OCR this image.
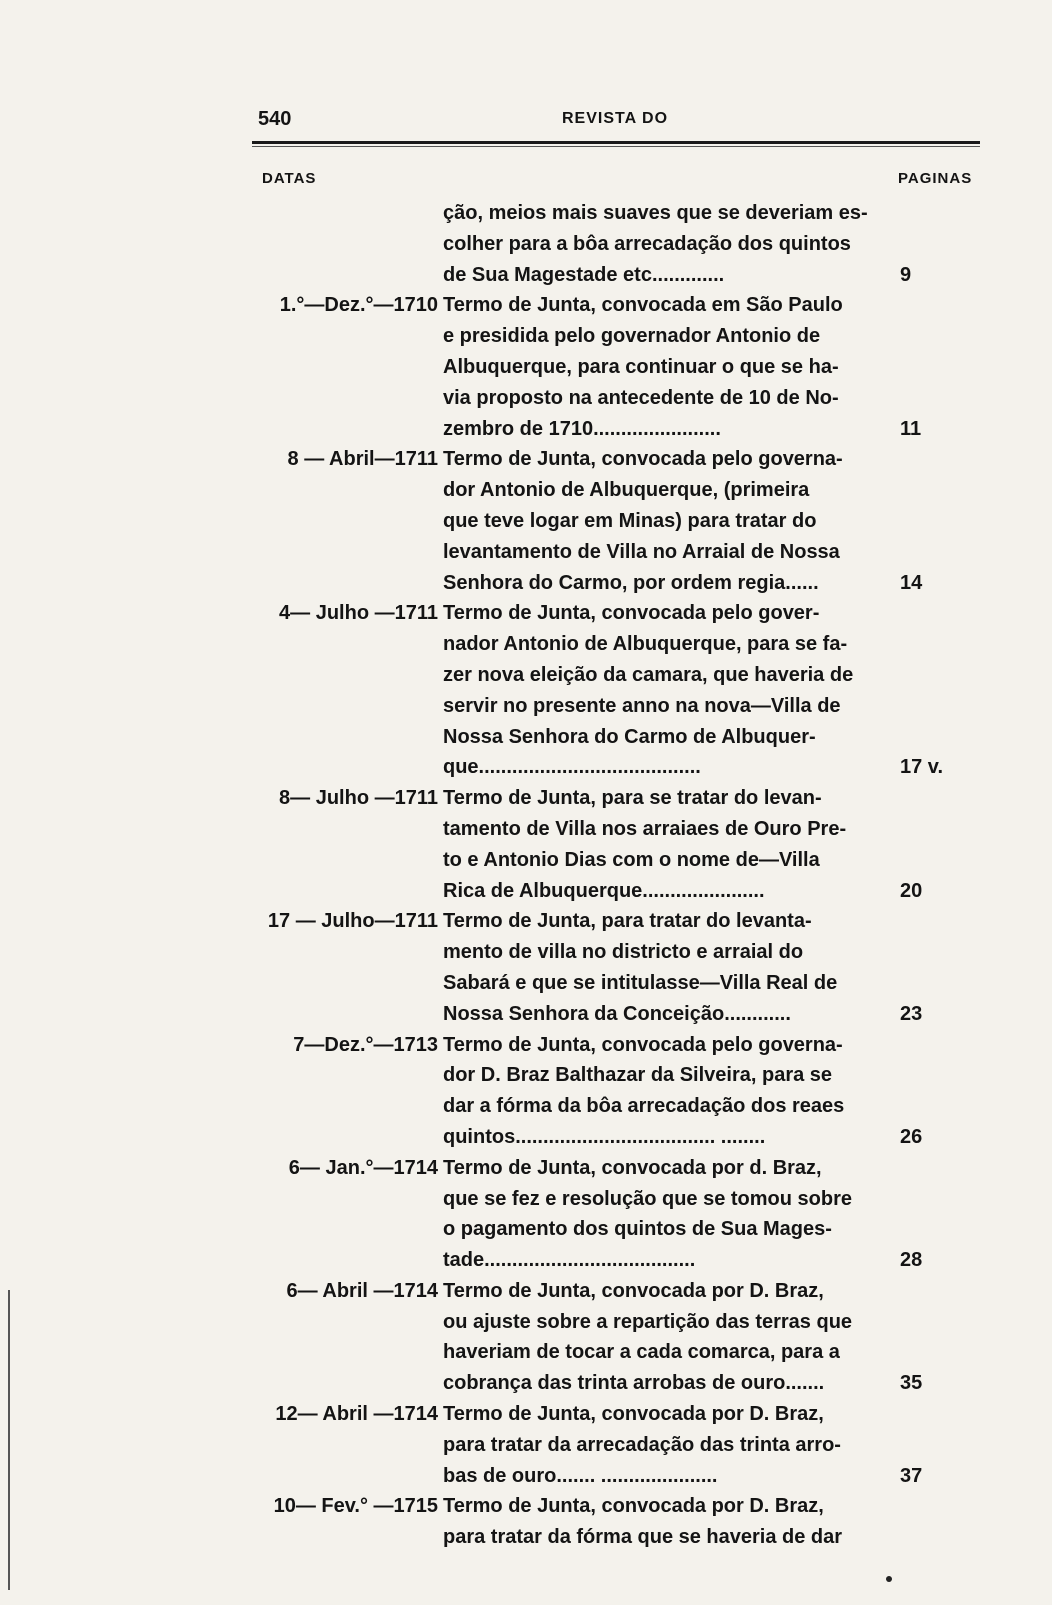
540	REVISTA DO
DATAS	PAGINAS
ção, meios mais suaves que se deveriam es-
colher para a bôa arrecadação dos quintos
de Sua Magestade etc.............	9
1.°—Dez.°—1710 Termo de Junta, convocada em São Paulo
e presidida pelo governador Antonio de
Albuquerque, para continuar o que se ha-
via proposto na antecedente de 10 de No-
zembro de 1710.......................	11
8 — Abril—1711 Termo de Junta, convocada pelo governa-
dor Antonio de Albuquerque, (primeira
que teve logar em Minas) para tratar do
levantamento de Villa no Arraial de Nossa
Senhora do Carmo, por ordem regia......	14
4— Julho —1711 Termo de Junta, convocada pelo gover-
nador Antonio de Albuquerque, para se fa-
zer nova eleição da camara, que haveria de
servir no presente anno na nova—Villa de
Nossa Senhora do Carmo de Albuquer-
que........................................	17 v.
8— Julho —1711 Termo de Junta, para se tratar do levan-
tamento de Villa nos arraiaes de Ouro Pre-
to e Antonio Dias com o nome de—Villa
Rica de Albuquerque......................	20
17 — Julho—1711 Termo de Junta, para tratar do levanta-
mento de villa no districto e arraial do
Sabará e que se intitulasse—Villa Real de
Nossa Senhora da Conceição............	23
7—Dez.°—1713 Termo de Junta, convocada pelo governa-
dor D. Braz Balthazar da Silveira, para se
dar a fórma da bôa arrecadação dos reaes
quintos.................................... ........	26
6— Jan.°—1714 Termo de Junta, convocada por d. Braz,
que se fez e resolução que se tomou sobre
o pagamento dos quintos de Sua Mages-
tade......................................	28
6— Abril —1714 Termo de Junta, convocada por D. Braz,
ou ajuste sobre a repartição das terras que
haveriam de tocar a cada comarca, para a
cobrança das trinta arrobas de ouro.......	35
12— Abril —1714 Termo de Junta, convocada por D. Braz,
para tratar da arrecadação das trinta arro-
bas de ouro....... .....................	37
10— Fev.° —1715 Termo de Junta, convocada por D. Braz,
para tratar da fórma que se haveria de dar
